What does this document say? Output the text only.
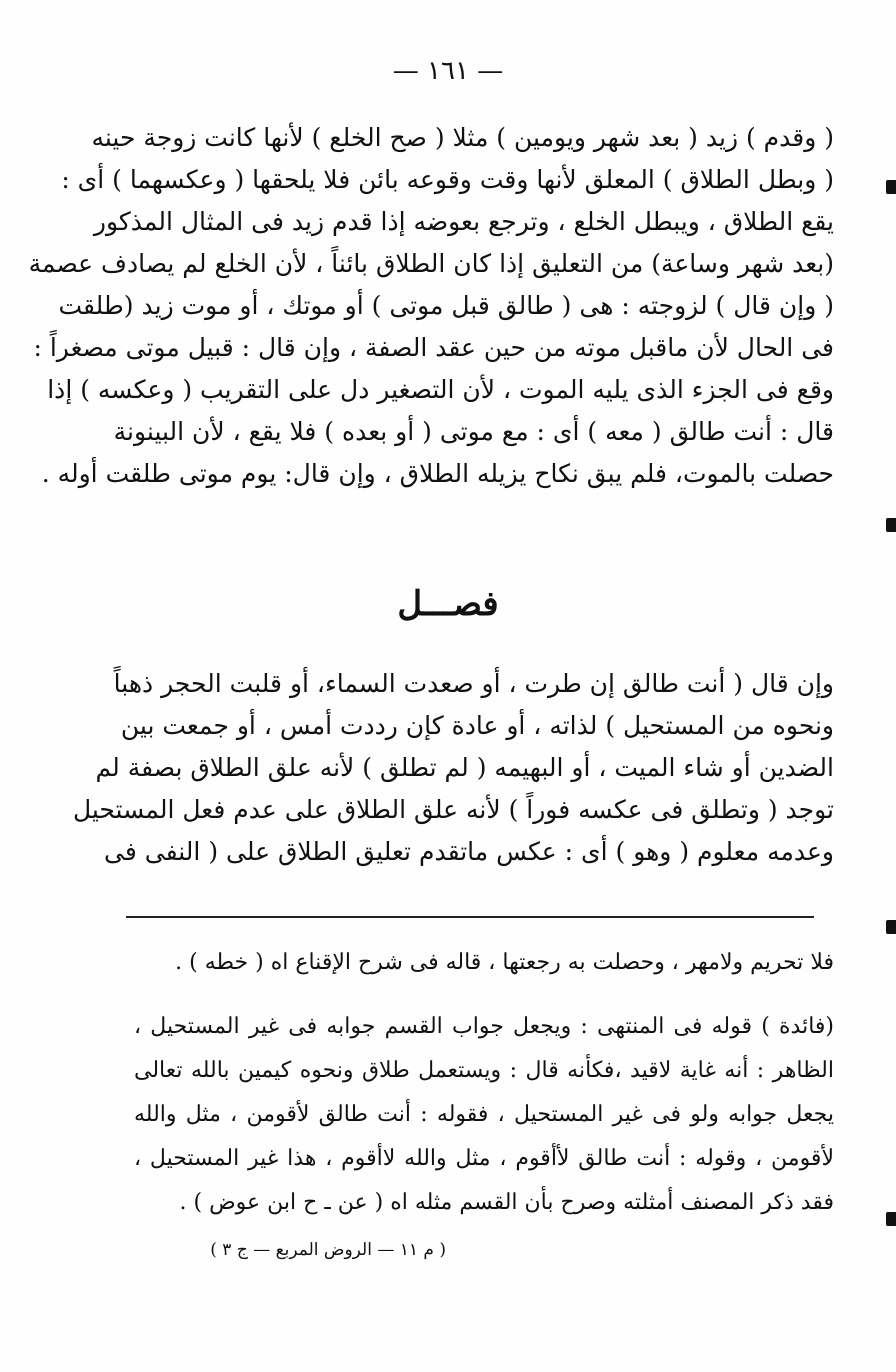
— ١٦١ —
( وقدم ) زيد ( بعد شهر ويومين ) مثلا ( صح الخلع ) لأنها كانت زوجة حينه
( وبطل الطلاق ) المعلق لأنها وقت وقوعه بائن فلا يلحقها ( وعكسهما ) أى :
يقع الطلاق ، ويبطل الخلع ، وترجع بعوضه إذا قدم زيد فى المثال المذكور
(بعد شهر وساعة) من التعليق إذا كان الطلاق بائناً ، لأن الخلع لم يصادف عصمة
( وإن قال ) لزوجته : هى ( طالق قبل موتى ) أو موتك ، أو موت زيد (طلقت
فى الحال لأن ماقبل موته من حين عقد الصفة ، وإن قال : قبيل موتى مصغراً :
وقع فى الجزء الذى يليه الموت ، لأن التصغير دل على التقريب ( وعكسه ) إذا
قال : أنت طالق ( معه ) أى : مع موتى ( أو بعده ) فلا يقع ، لأن البينونة
حصلت بالموت، فلم يبق نكاح يزيله الطلاق ، وإن قال: يوم موتى طلقت أوله .
فصـــل
وإن قال ( أنت طالق إن طرت ، أو صعدت السماء، أو قلبت الحجر ذهباً
ونحوه من المستحيل ) لذاته ، أو عادة كإن رددت أمس ، أو جمعت بين
الضدين أو شاء الميت ، أو البهيمه ( لم تطلق ) لأنه علق الطلاق بصفة لم
توجد ( وتطلق فى عكسه فوراً ) لأنه علق الطلاق على عدم فعل المستحيل
وعدمه معلوم ( وهو ) أى : عكس ماتقدم تعليق الطلاق على ( النفى فى
فلا تحريم ولامهر ، وحصلت به رجعتها ، قاله فى شرح الإقناع اه ( خطه ) .
(فائدة ) قوله فى المنتهى : ويجعل جواب القسم جوابه فى غير المستحيل ،
الظاهر : أنه غاية لاقيد ،فكأنه قال : ويستعمل طلاق ونحوه كيمين بالله تعالى
يجعل جوابه ولو فى غير المستحيل ، فقوله : أنت طالق لأقومن ، مثل والله
لأقومن ، وقوله : أنت طالق لأأقوم ، مثل والله لاأقوم ، هذا غير المستحيل ،
فقد ذكر المصنف أمثلته وصرح بأن القسم مثله اه ( عن ـ ح ابن عوض ) .
( م ١١ — الروض المربع — ج ٣ )
